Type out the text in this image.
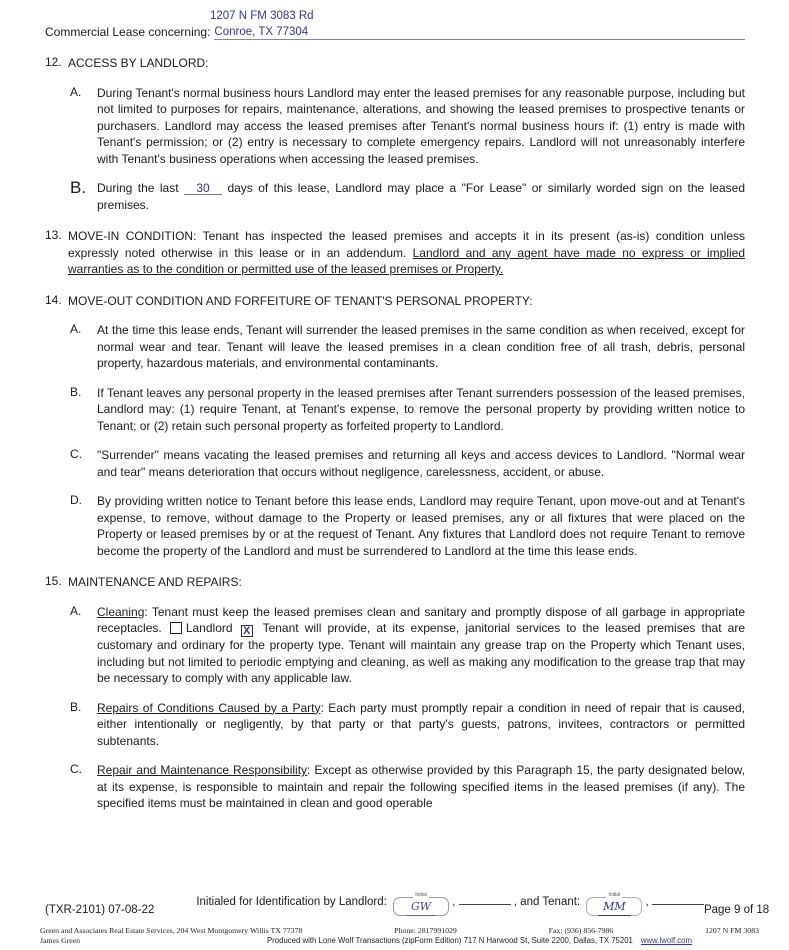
1207 N FM 3083 Rd
Commercial Lease concerning: Conroe, TX 77304
12. ACCESS BY LANDLORD:
A.	During Tenant's normal business hours Landlord may enter the leased premises for any reasonable purpose, including but not limited to purposes for repairs, maintenance, alterations, and showing the leased premises to prospective tenants or purchasers. Landlord may access the leased premises after Tenant's normal business hours if: (1) entry is made with Tenant's permission; or (2) entry is necessary to complete emergency repairs. Landlord will not unreasonably interfere with Tenant's business operations when accessing the leased premises.
B. During the last 30 days of this lease, Landlord may place a "For Lease" or similarly worded sign on the leased premises.
13. MOVE-IN CONDITION: Tenant has inspected the leased premises and accepts it in its present (as-is) condition unless expressly noted otherwise in this lease or in an addendum. Landlord and any agent have made no express or implied warranties as to the condition or permitted use of the leased premises or Property.
14. MOVE-OUT CONDITION AND FORFEITURE OF TENANT'S PERSONAL PROPERTY:
A.	At the time this lease ends, Tenant will surrender the leased premises in the same condition as when received, except for normal wear and tear. Tenant will leave the leased premises in a clean condition free of all trash, debris, personal property, hazardous materials, and environmental contaminants.
B.	If Tenant leaves any personal property in the leased premises after Tenant surrenders possession of the leased premises, Landlord may: (1) require Tenant, at Tenant's expense, to remove the personal property by providing written notice to Tenant; or (2) retain such personal property as forfeited property to Landlord.
C.	"Surrender" means vacating the leased premises and returning all keys and access devices to Landlord. "Normal wear and tear" means deterioration that occurs without negligence, carelessness, accident, or abuse.
D.	By providing written notice to Tenant before this lease ends, Landlord may require Tenant, upon move-out and at Tenant's expense, to remove, without damage to the Property or leased premises, any or all fixtures that were placed on the Property or leased premises by or at the request of Tenant. Any fixtures that Landlord does not require Tenant to remove become the property of the Landlord and must be surrendered to Landlord at the time this lease ends.
15. MAINTENANCE AND REPAIRS:
A.	Cleaning: Tenant must keep the leased premises clean and sanitary and promptly dispose of all garbage in appropriate receptacles. Landlord X Tenant will provide, at its expense, janitorial services to the leased premises that are customary and ordinary for the property type. Tenant will maintain any grease trap on the Property which Tenant uses, including but not limited to periodic emptying and cleaning, as well as making any modification to the grease trap that may be necessary to comply with any applicable law.
B.	Repairs of Conditions Caused by a Party: Each party must promptly repair a condition in need of repair that is caused, either intentionally or negligently, by that party or that party's guests, patrons, invitees, contractors or permitted subtenants.
C.	Repair and Maintenance Responsibility: Except as otherwise provided by this Paragraph 15, the party designated below, at its expense, is responsible to maintain and repair the following specified items in the leased premises (if any). The specified items must be maintained in clean and good operable
(TXR-2101) 07-08-22
Initialed for Identification by Landlord:
Initial
GW ,	, and Tenant:
Initial
MM ,
Page 9 of 18
Green and Associates Real Estate Services, 204 West Montgomery Willis TX 77378	Phone: 2817991029	Fax: (936) 856-7986	1207 N FM 3083
James Green	Produced with Lone Wolf Transactions (zipForm Edition) 717 N Harwood St, Suite 2200, Dallas, TX 75201 www.lwolf.com
